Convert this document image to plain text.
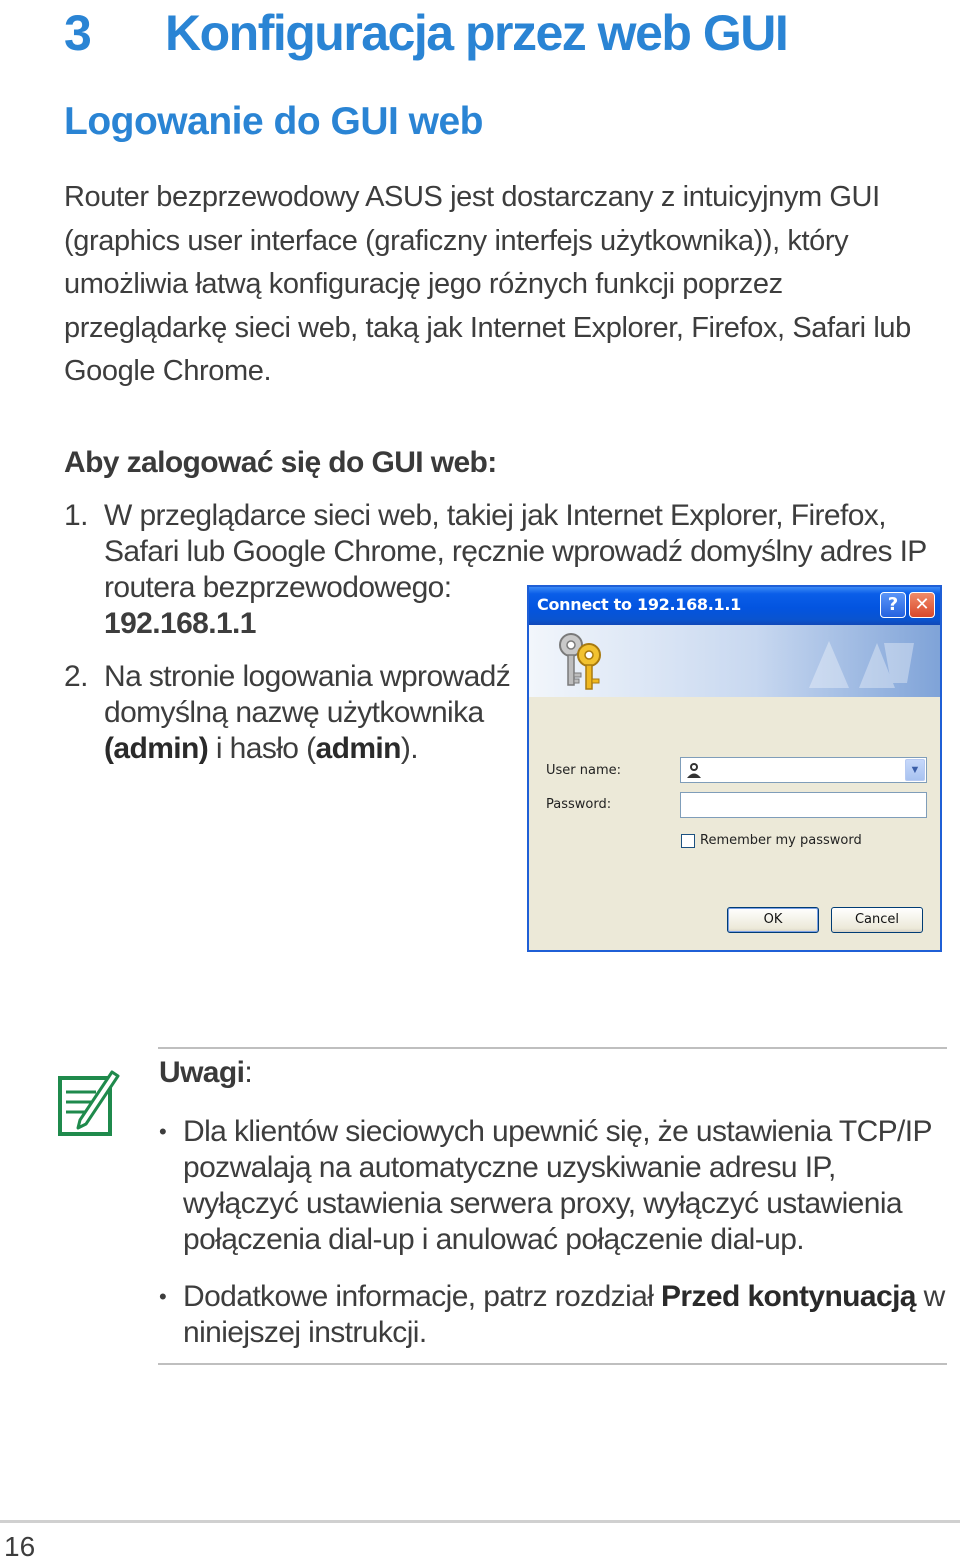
3 Konfiguracja przez web GUI
Logowanie do GUI web

Router bezprzewodowy ASUS jest dostarczany z intuicyjnym GUI (graphics user interface (graficzny interfejs użytkownika)), który umożliwia łatwą konfigurację jego różnych funkcji poprzez przeglądarkę sieci web, taką jak Internet Explorer, Firefox, Safari lub Google Chrome.

Aby zalogować się do GUI web:
1. W przeglądarce sieci web, takiej jak Internet Explorer, Firefox, Safari lub Google Chrome, ręcznie wprowadź domyślny adres IP routera bezprzewodowego:
192.168.1.1
2. Na stronie logowania wprowadź domyślną nazwę użytkownika (admin) i hasło (admin).
Connect to 192.168.1.1	? ✕
User name:	▼
Password:
Remember my password
OK	Cancel
Uwagi:
• Dla klientów sieciowych upewnić się, że ustawienia TCP/IP pozwalają na automatyczne uzyskiwanie adresu IP, wyłączyć ustawienia serwera proxy, wyłączyć ustawienia połączenia dial-up i anulować połączenie dial-up.
• Dodatkowe informacje, patrz rozdział Przed kontynuacją w niniejszej instrukcji.
16
